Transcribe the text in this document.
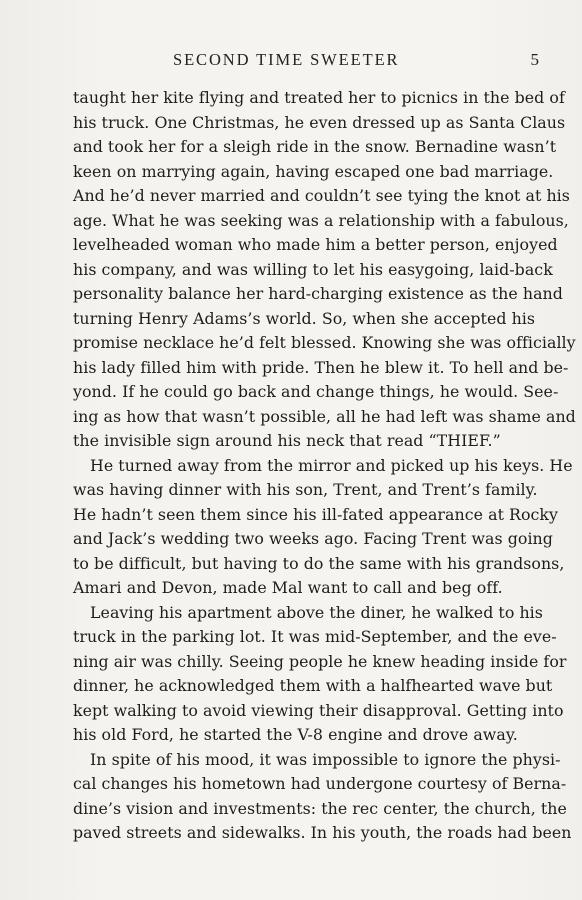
SECOND TIME SWEETER	5
taught her kite flying and treated her to picnics in the bed of
his truck. One Christmas, he even dressed up as Santa Claus
and took her for a sleigh ride in the snow. Bernadine wasn’t
keen on marrying again, having escaped one bad marriage.
And he’d never married and couldn’t see tying the knot at his
age. What he was seeking was a relationship with a fabulous,
levelheaded woman who made him a better person, enjoyed
his company, and was willing to let his easygoing, laid-back
personality balance her hard-charging existence as the hand
turning Henry Adams’s world. So, when she accepted his
promise necklace he’d felt blessed. Knowing she was officially
his lady filled him with pride. Then he blew it. To hell and be-
yond. If he could go back and change things, he would. See-
ing as how that wasn’t possible, all he had left was shame and
the invisible sign around his neck that read “THIEF.”
He turned away from the mirror and picked up his keys. He
was having dinner with his son, Trent, and Trent’s family.
He hadn’t seen them since his ill-fated appearance at Rocky
and Jack’s wedding two weeks ago. Facing Trent was going
to be difficult, but having to do the same with his grandsons,
Amari and Devon, made Mal want to call and beg off.
Leaving his apartment above the diner, he walked to his
truck in the parking lot. It was mid-September, and the eve-
ning air was chilly. Seeing people he knew heading inside for
dinner, he acknowledged them with a halfhearted wave but
kept walking to avoid viewing their disapproval. Getting into
his old Ford, he started the V-8 engine and drove away.
In spite of his mood, it was impossible to ignore the physi-
cal changes his hometown had undergone courtesy of Berna-
dine’s vision and investments: the rec center, the church, the
paved streets and sidewalks. In his youth, the roads had been
